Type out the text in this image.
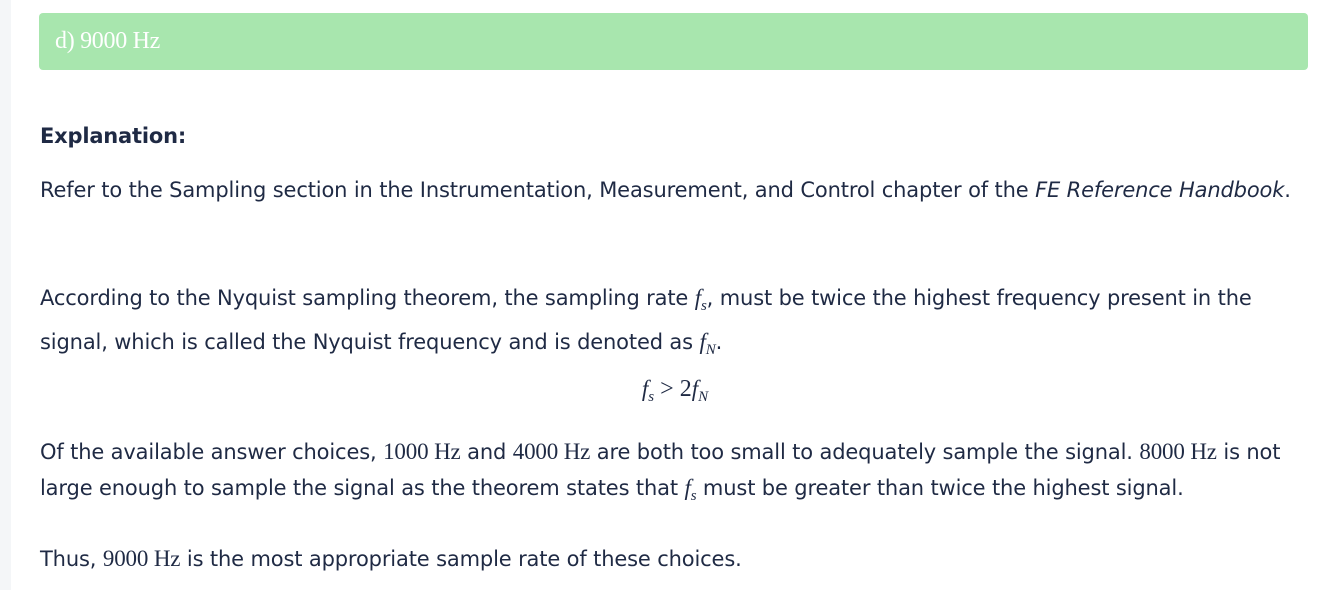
d) 9000 Hz
Explanation:
Refer to the Sampling section in the Instrumentation, Measurement, and Control chapter of the FE Reference Handbook.
According to the Nyquist sampling theorem, the sampling rate $f_s$, must be twice the highest frequency present in the signal, which is called the Nyquist frequency and is denoted as $f_N$.
$f_s > 2f_N$
Of the available answer choices, 1000 Hz and 4000 Hz are both too small to adequately sample the signal. 8000 Hz is not large enough to sample the signal as the theorem states that $f_s$ must be greater than twice the highest signal.
Thus, 9000 Hz is the most appropriate sample rate of these choices.
